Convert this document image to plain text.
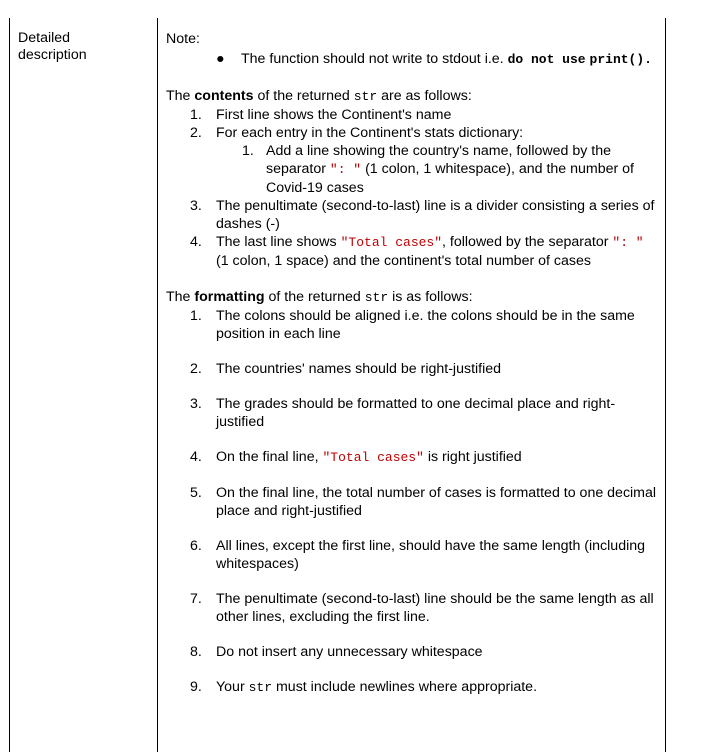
Detailed
description

Note:

● The function should not write to stdout i.e. do not use print().

The contents of the returned str are as follows:

1. First line shows the Continent's name
2. For each entry in the Continent's stats dictionary:
1. Add a line showing the country's name, followed by the separator ": " (1 colon, 1 whitespace), and the number of Covid-19 cases
3. The penultimate (second-to-last) line is a divider consisting a series of dashes (-)
4. The last line shows "Total cases", followed by the separator ": " (1 colon, 1 space) and the continent's total number of cases

The formatting of the returned str is as follows:

1. The colons should be aligned i.e. the colons should be in the same position in each line
2. The countries' names should be right-justified
3. The grades should be formatted to one decimal place and right-justified
4. On the final line, "Total cases" is right justified
5. On the final line, the total number of cases is formatted to one decimal place and right-justified
6. All lines, except the first line, should have the same length (including whitespaces)
7. The penultimate (second-to-last) line should be the same length as all other lines, excluding the first line.
8. Do not insert any unnecessary whitespace
9. Your str must include newlines where appropriate.
